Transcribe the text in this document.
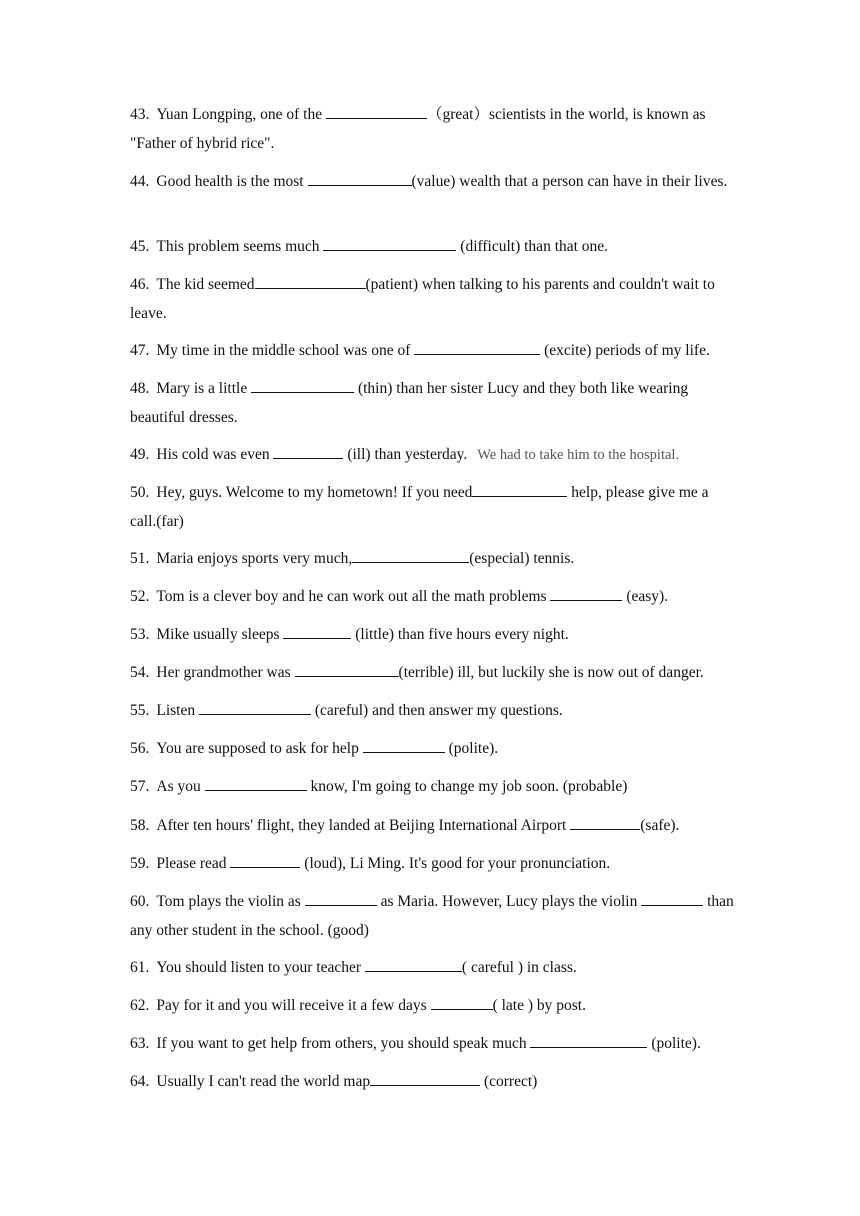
43. Yuan Longping, one of the	（great）scientists in the world, is known as "Father of hybrid rice".

44. Good health is the most	(value) wealth that a person can have in their lives.

45. This problem seems much	(difficult) than that one.

46. The kid seemed	(patient) when talking to his parents and couldn't wait to leave.

47. My time in the middle school was one of	(excite) periods of my life.

48. Mary is a little	(thin) than her sister Lucy and they both like wearing beautiful dresses.

49. His cold was even	(ill) than yesterday. We had to take him to the hospital.

50. Hey, guys. Welcome to my hometown! If you need	help, please give me a call.(far)

51. Maria enjoys sports very much,	(especial) tennis.

52. Tom is a clever boy and he can work out all the math problems	(easy).

53. Mike usually sleeps	(little) than five hours every night.

54. Her grandmother was	(terrible) ill, but luckily she is now out of danger.

55. Listen	(careful) and then answer my questions.

56. You are supposed to ask for help	(polite).

57. As you	know, I'm going to change my job soon. (probable)

58. After ten hours' flight, they landed at Beijing International Airport	(safe).

59. Please read	(loud), Li Ming. It's good for your pronunciation.

60. Tom plays the violin as	as Maria. However, Lucy plays the violin	than any other student in the school. (good)

61. You should listen to your teacher	( careful ) in class.

62. Pay for it and you will receive it a few days	( late ) by post.

63. If you want to get help from others, you should speak much	(polite).

64. Usually I can't read the world map	(correct)
